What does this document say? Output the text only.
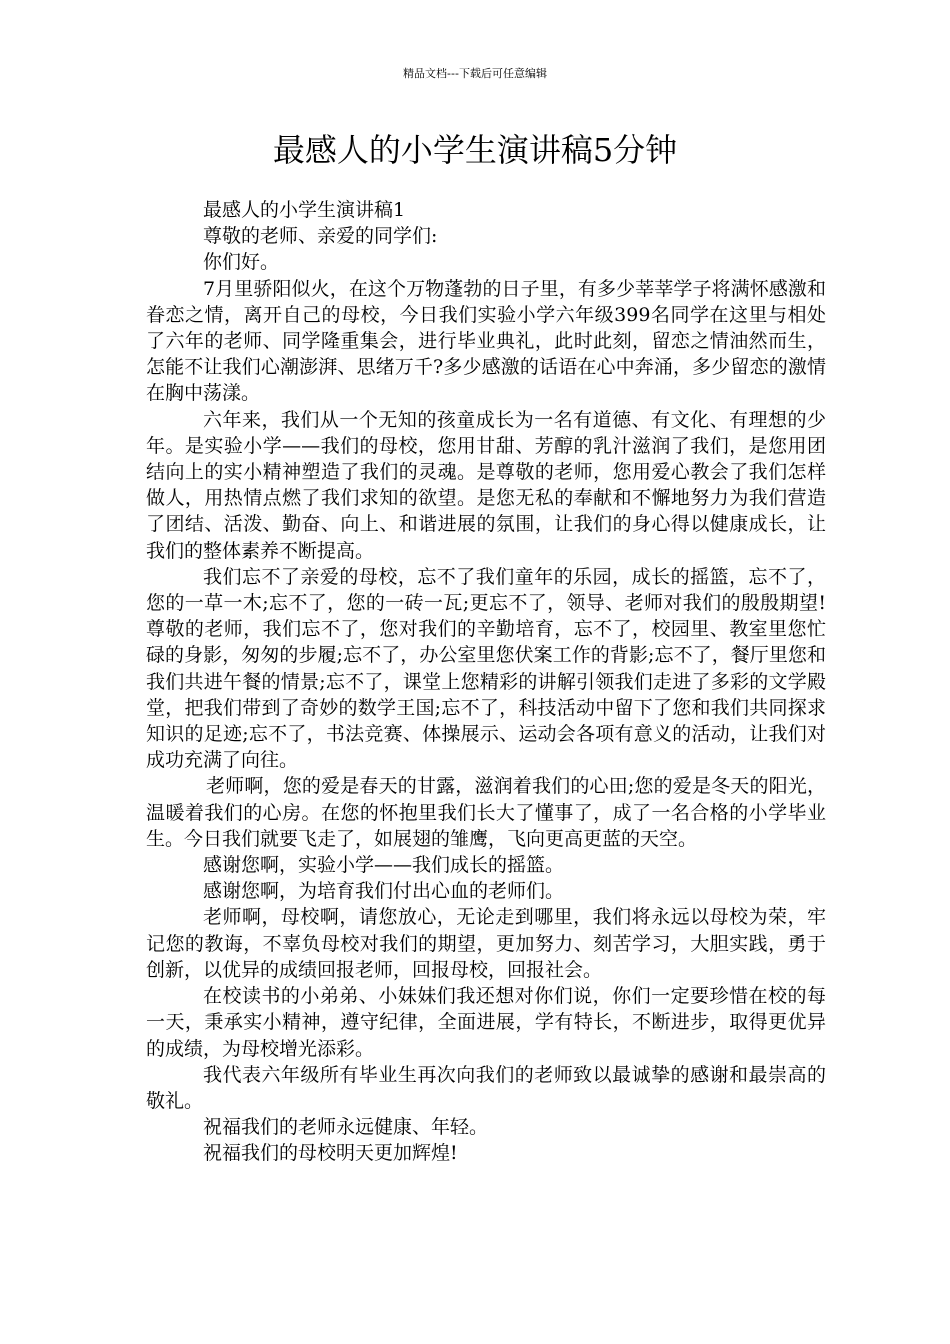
精品文档---下载后可任意编辑
最感人的小学生演讲稿5分钟

最感人的小学生演讲稿1

尊敬的老师、亲爱的同学们:

你们好。

7月里骄阳似火，在这个万物蓬勃的日子里，有多少莘莘学子将满怀感激和眷恋之情，离开自己的母校，今日我们实验小学六年级399名同学在这里与相处了六年的老师、同学隆重集会，进行毕业典礼，此时此刻，留恋之情油然而生，怎能不让我们心潮澎湃、思绪万千?多少感激的话语在心中奔涌，多少留恋的激情在胸中荡漾。

六年来，我们从一个无知的孩童成长为一名有道德、有文化、有理想的少年。是实验小学——我们的母校，您用甘甜、芳醇的乳汁滋润了我们，是您用团结向上的实小精神塑造了我们的灵魂。是尊敬的老师，您用爱心教会了我们怎样做人，用热情点燃了我们求知的欲望。是您无私的奉献和不懈地努力为我们营造了团结、活泼、勤奋、向上、和谐进展的氛围，让我们的身心得以健康成长，让我们的整体素养不断提高。

我们忘不了亲爱的母校，忘不了我们童年的乐园，成长的摇篮，忘不了，您的一草一木;忘不了，您的一砖一瓦;更忘不了，领导、老师对我们的殷殷期望!尊敬的老师，我们忘不了，您对我们的辛勤培育，忘不了，校园里、教室里您忙碌的身影，匆匆的步履;忘不了，办公室里您伏案工作的背影;忘不了，餐厅里您和我们共进午餐的情景;忘不了，课堂上您精彩的讲解引领我们走进了多彩的文学殿堂，把我们带到了奇妙的数学王国;忘不了，科技活动中留下了您和我们共同探求知识的足迹;忘不了，书法竞赛、体操展示、运动会各项有意义的活动，让我们对成功充满了向往。

老师啊，您的爱是春天的甘露，滋润着我们的心田;您的爱是冬天的阳光，温暖着我们的心房。在您的怀抱里我们长大了懂事了，成了一名合格的小学毕业生。今日我们就要飞走了，如展翅的雏鹰，飞向更高更蓝的天空。

感谢您啊，实验小学——我们成长的摇篮。

感谢您啊，为培育我们付出心血的老师们。

老师啊，母校啊，请您放心，无论走到哪里，我们将永远以母校为荣，牢记您的教诲，不辜负母校对我们的期望，更加努力、刻苦学习，大胆实践，勇于创新，以优异的成绩回报老师，回报母校，回报社会。

在校读书的小弟弟、小妹妹们我还想对你们说，你们一定要珍惜在校的每一天，秉承实小精神，遵守纪律，全面进展，学有特长，不断进步，取得更优异的成绩，为母校增光添彩。

我代表六年级所有毕业生再次向我们的老师致以最诚挚的感谢和最崇高的敬礼。

祝福我们的老师永远健康、年轻。

祝福我们的母校明天更加辉煌!
